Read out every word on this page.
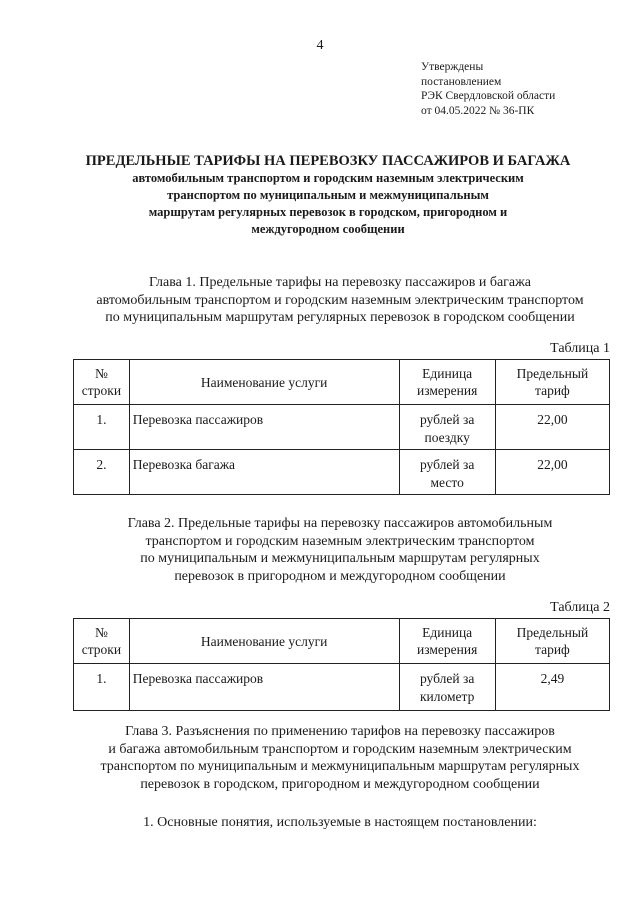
4
Утверждены
постановлением
РЭК Свердловской области
от 04.05.2022 № 36-ПК
ПРЕДЕЛЬНЫЕ ТАРИФЫ НА ПЕРЕВОЗКУ ПАССАЖИРОВ И БАГАЖА
автомобильным транспортом и городским наземным электрическим
транспортом по муниципальным и межмуниципальным
маршрутам регулярных перевозок в городском, пригородном и
междугородном сообщении
Глава 1. Предельные тарифы на перевозку пассажиров и багажа
автомобильным транспортом и городским наземным электрическим транспортом
по муниципальным маршрутам регулярных перевозок в городском сообщении
Таблица 1
№ строки	Наименование услуги	Единица измерения	Предельный тариф
1.	Перевозка пассажиров	рублей за поездку	22,00
2.	Перевозка багажа	рублей за место	22,00
Глава 2. Предельные тарифы на перевозку пассажиров автомобильным
транспортом и городским наземным электрическим транспортом
по муниципальным и межмуниципальным маршрутам регулярных
перевозок в пригородном и междугородном сообщении
Таблица 2
№ строки	Наименование услуги	Единица измерения	Предельный тариф
1.	Перевозка пассажиров	рублей за километр	2,49
Глава 3. Разъяснения по применению тарифов на перевозку пассажиров
и багажа автомобильным транспортом и городским наземным электрическим
транспортом по муниципальным и межмуниципальным маршрутам регулярных
перевозок в городском, пригородном и междугородном сообщении
1. Основные понятия, используемые в настоящем постановлении:
